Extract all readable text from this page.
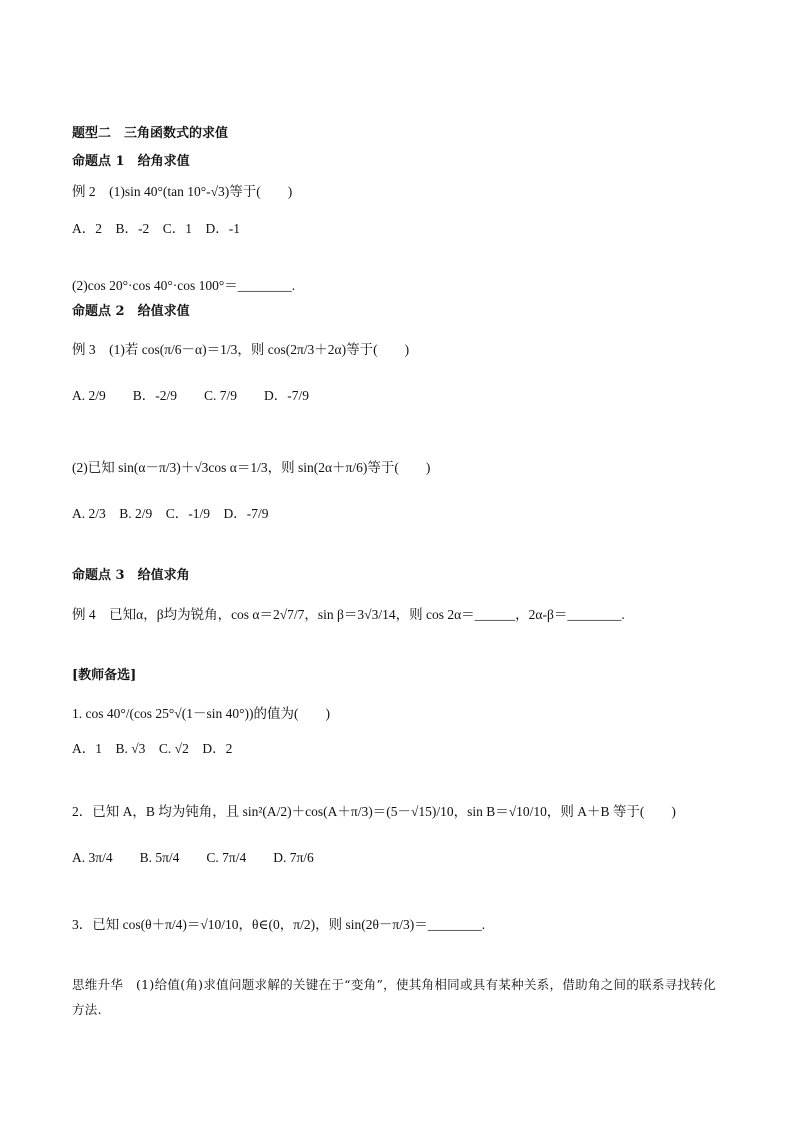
题型二　三角函数式的求值
命题点 1　给角求值
例 2　(1)sin 40°(tan 10°-√3)等于(　　)
A．2　B．-2　C．1　D．-1
(2)cos 20°·cos 40°·cos 100°＝________.
命题点 2　给值求值
例 3　(1)若 cos(π/6－α)＝1/3，则 cos(2π/3＋2α)等于(　　)
A. 2/9　　B．-2/9　　C. 7/9　　D．-7/9
(2)已知 sin(α－π/3)＋√3cos α＝1/3，则 sin(2α＋π/6)等于(　　)
A. 2/3　B. 2/9　C．-1/9　D．-7/9
命题点 3　给值求角
例 4　已知α，β均为锐角，cos α＝2√7/7，sin β＝3√3/14，则 cos 2α＝______，2α-β＝________.
[教师备选]
1. cos 40°/(cos 25°√(1－sin 40°))的值为(　　)
A．1　B. √3　C. √2　D．2
2．已知 A，B 均为钝角，且 sin²(A/2)＋cos(A＋π/3)＝(5－√15)/10，sin B＝√10/10，则 A＋B 等于(　　)
A. 3π/4　　B. 5π/4　　C. 7π/4　　D. 7π/6
3．已知 cos(θ＋π/4)＝√10/10，θ∈(0，π/2)，则 sin(2θ－π/3)＝________.
思维升华　(1)给值(角)求值问题求解的关键在于“变角”，使其角相同或具有某种关系，借助角之间的联系寻找转化方法.
